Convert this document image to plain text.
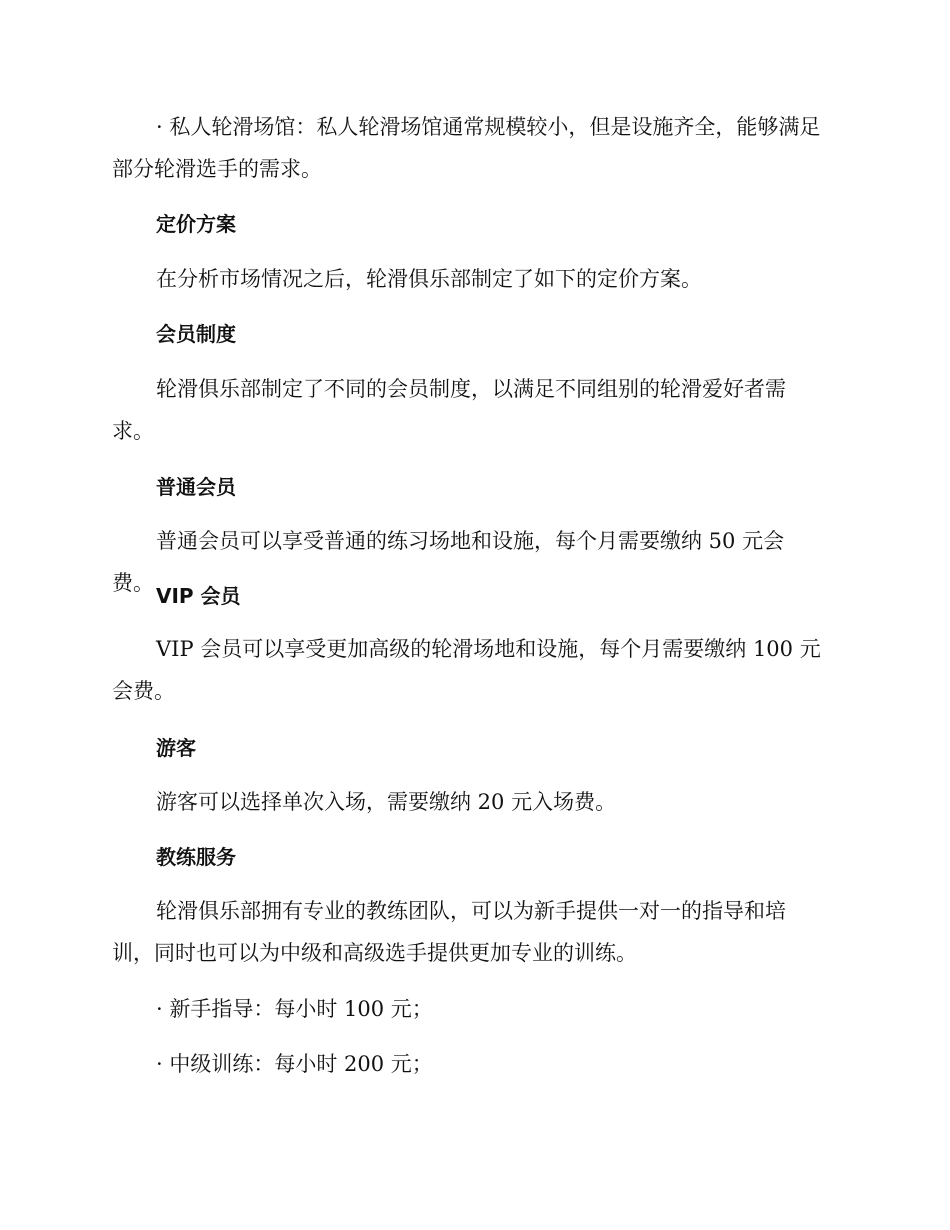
· 私人轮滑场馆：私人轮滑场馆通常规模较小，但是设施齐全，能够满足部分轮滑选手的需求。

定价方案

在分析市场情况之后，轮滑俱乐部制定了如下的定价方案。

会员制度

轮滑俱乐部制定了不同的会员制度，以满足不同组别的轮滑爱好者需求。

普通会员

普通会员可以享受普通的练习场地和设施，每个月需要缴纳 50 元会费。

VIP 会员

VIP 会员可以享受更加高级的轮滑场地和设施，每个月需要缴纳 100 元会费。

游客

游客可以选择单次入场，需要缴纳 20 元入场费。

教练服务

轮滑俱乐部拥有专业的教练团队，可以为新手提供一对一的指导和培训，同时也可以为中级和高级选手提供更加专业的训练。

· 新手指导：每小时 100 元；

· 中级训练：每小时 200 元；
